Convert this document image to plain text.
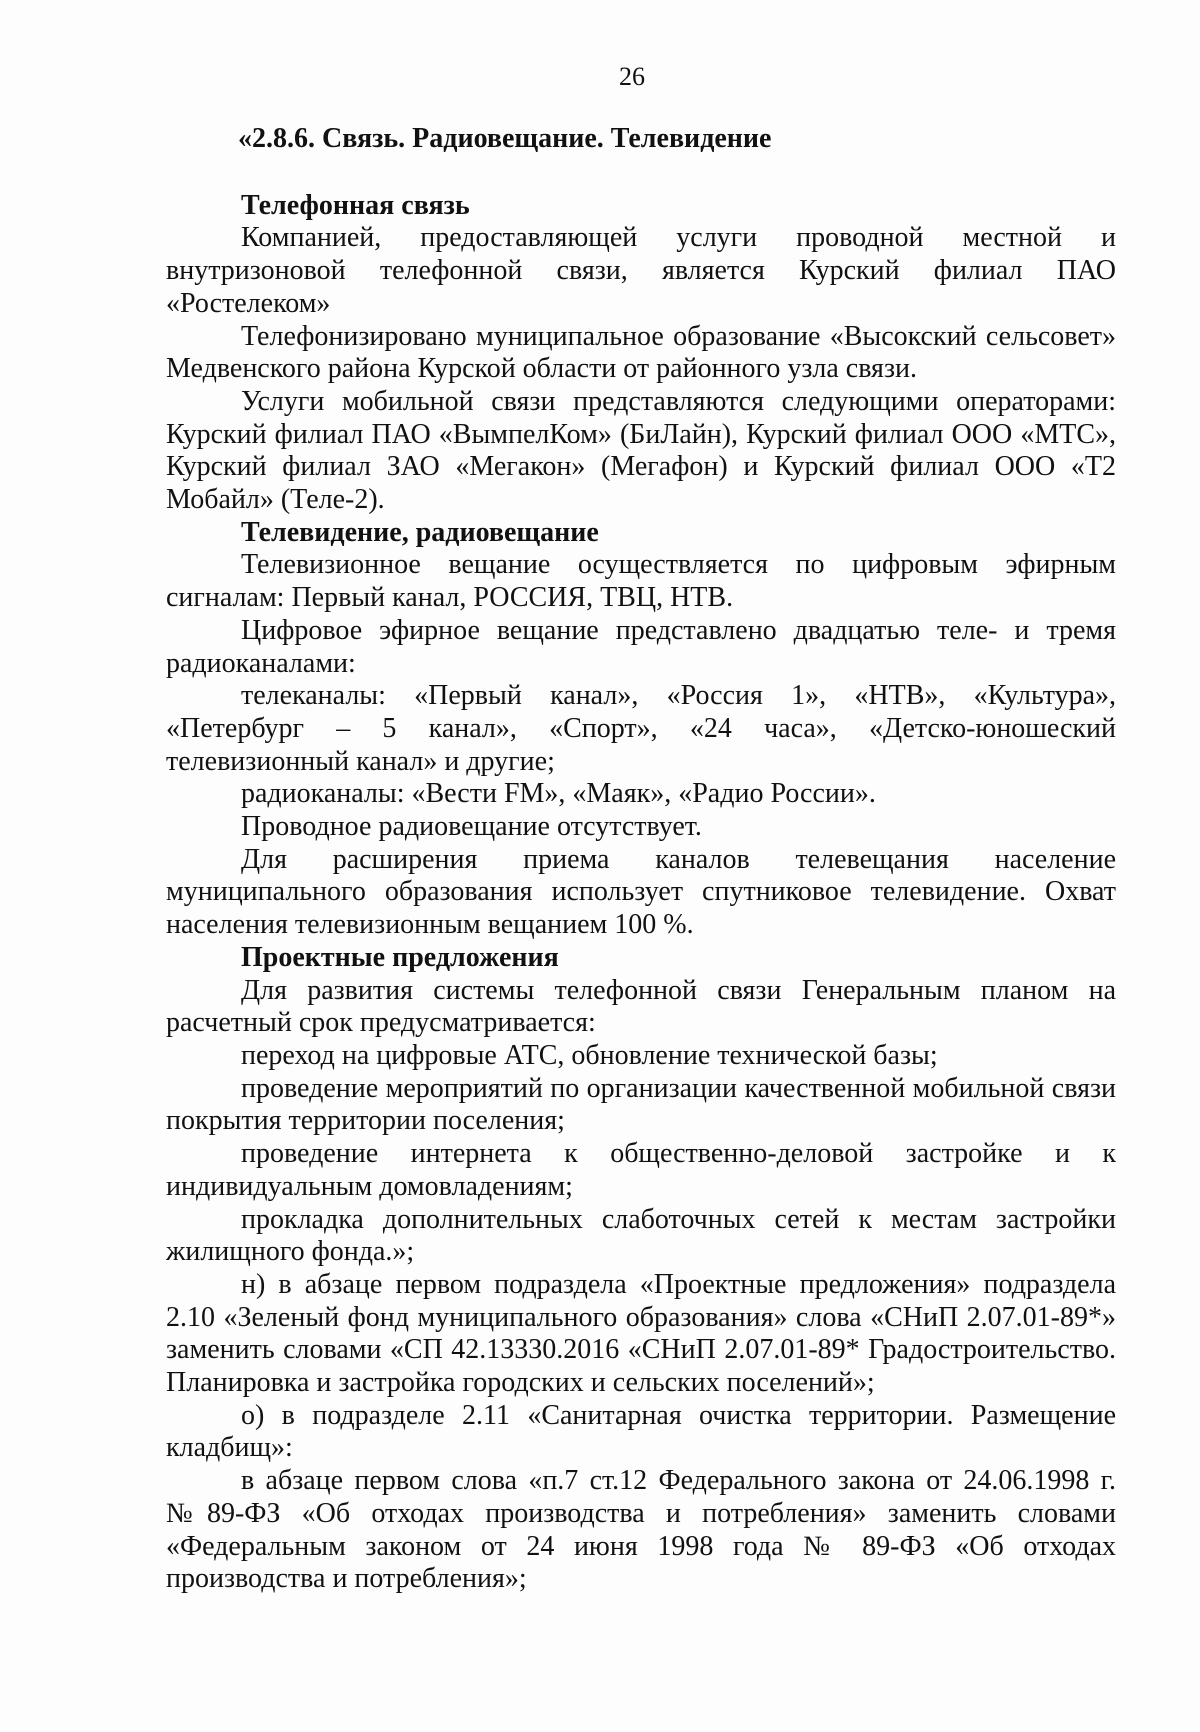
26

«2.8.6. Связь. Радиовещание. Телевидение

Телефонная связь

Компанией, предоставляющей услуги проводной местной и внутризоновой телефонной связи, является Курский филиал ПАО «Ростелеком»

Телефонизировано муниципальное образование «Высокский сельсовет» Медвенского района Курской области от районного узла связи.

Услуги мобильной связи представляются следующими операторами: Курский филиал ПАО «ВымпелКом» (БиЛайн), Курский филиал ООО «МТС», Курский филиал ЗАО «Мегакон» (Мегафон) и Курский филиал ООО «Т2 Мобайл» (Теле-2).

Телевидение, радиовещание

Телевизионное вещание осуществляется по цифровым эфирным сигналам: Первый канал, РОССИЯ, ТВЦ, НТВ.

Цифровое эфирное вещание представлено двадцатью теле- и тремя радиоканалами:

телеканалы: «Первый канал», «Россия 1», «НТВ», «Культура», «Петербург – 5 канал», «Спорт», «24 часа», «Детско-юношеский телевизионный канал» и другие;

радиоканалы: «Вести FM», «Маяк», «Радио России».

Проводное радиовещание отсутствует.

Для расширения приема каналов телевещания население муниципального образования использует спутниковое телевидение. Охват населения телевизионным вещанием 100 %.

Проектные предложения

Для развития системы телефонной связи Генеральным планом на расчетный срок предусматривается:

переход на цифровые АТС, обновление технической базы;

проведение мероприятий по организации качественной мобильной связи покрытия территории поселения;

проведение интернета к общественно-деловой застройке и к индивидуальным домовладениям;

прокладка дополнительных слаботочных сетей к местам застройки жилищного фонда.»;

н) в абзаце первом подраздела «Проектные предложения» подраздела 2.10 «Зеленый фонд муниципального образования» слова «СНиП 2.07.01-89*» заменить словами «СП 42.13330.2016 «СНиП 2.07.01-89* Градостроительство. Планировка и застройка городских и сельских поселений»;

о) в подразделе 2.11 «Санитарная очистка территории. Размещение кладбищ»:

в абзаце первом слова «п.7 ст.12 Федерального закона от 24.06.1998 г. №89-ФЗ «Об отходах производства и потребления» заменить словами «Федеральным законом от 24 июня 1998 года № 89-ФЗ «Об отходах производства и потребления»;
